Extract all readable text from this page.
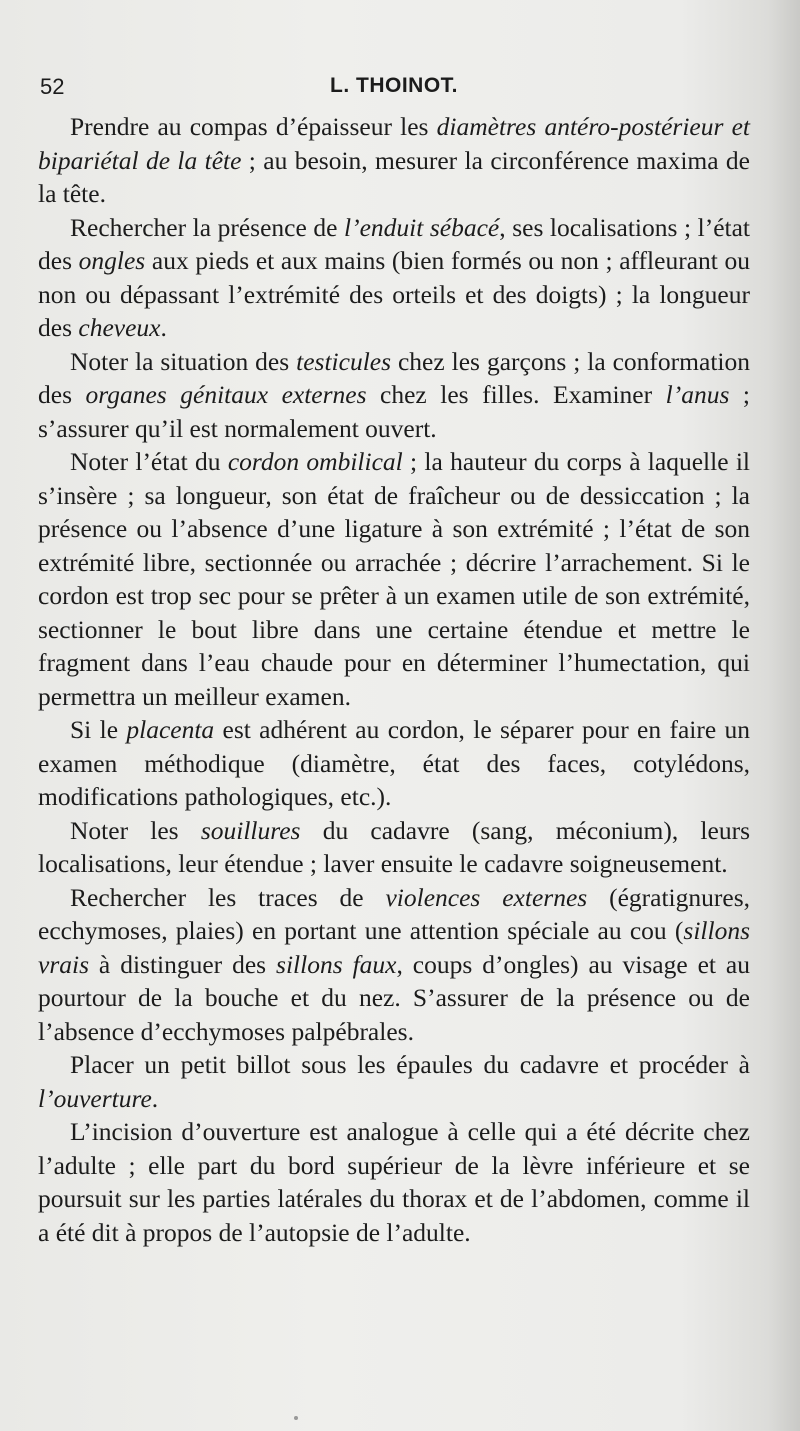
52	L. THOINOT.

Prendre au compas d’épaisseur les diamètres antéro-postérieur et bipariétal de la tête ; au besoin, mesurer la circonférence maxima de la tête.

Rechercher la présence de l’enduit sébacé, ses localisations ; l’état des ongles aux pieds et aux mains (bien formés ou non ; affleurant ou non ou dépassant l’extrémité des orteils et des doigts) ; la longueur des cheveux.

Noter la situation des testicules chez les garçons ; la conformation des organes génitaux externes chez les filles. Examiner l’anus ; s’assurer qu’il est normalement ouvert.

Noter l’état du cordon ombilical ; la hauteur du corps à laquelle il s’insère ; sa longueur, son état de fraîcheur ou de dessiccation ; la présence ou l’absence d’une ligature à son extrémité ; l’état de son extrémité libre, sectionnée ou arrachée ; décrire l’arrachement. Si le cordon est trop sec pour se prêter à un examen utile de son extrémité, sectionner le bout libre dans une certaine étendue et mettre le fragment dans l’eau chaude pour en déterminer l’humectation, qui permettra un meilleur examen.

Si le placenta est adhérent au cordon, le séparer pour en faire un examen méthodique (diamètre, état des faces, cotylédons, modifications pathologiques, etc.).

Noter les souillures du cadavre (sang, méconium), leurs localisations, leur étendue ; laver ensuite le cadavre soigneusement.

Rechercher les traces de violences externes (égratignures, ecchymoses, plaies) en portant une attention spéciale au cou (sillons vrais à distinguer des sillons faux, coups d’ongles) au visage et au pourtour de la bouche et du nez. S’assurer de la présence ou de l’absence d’ecchymoses palpébrales.

Placer un petit billot sous les épaules du cadavre et procéder à l’ouverture.

L’incision d’ouverture est analogue à celle qui a été décrite chez l’adulte ; elle part du bord supérieur de la lèvre inférieure et se poursuit sur les parties latérales du thorax et de l’abdomen, comme il a été dit à propos de l’autopsie de l’adulte.
